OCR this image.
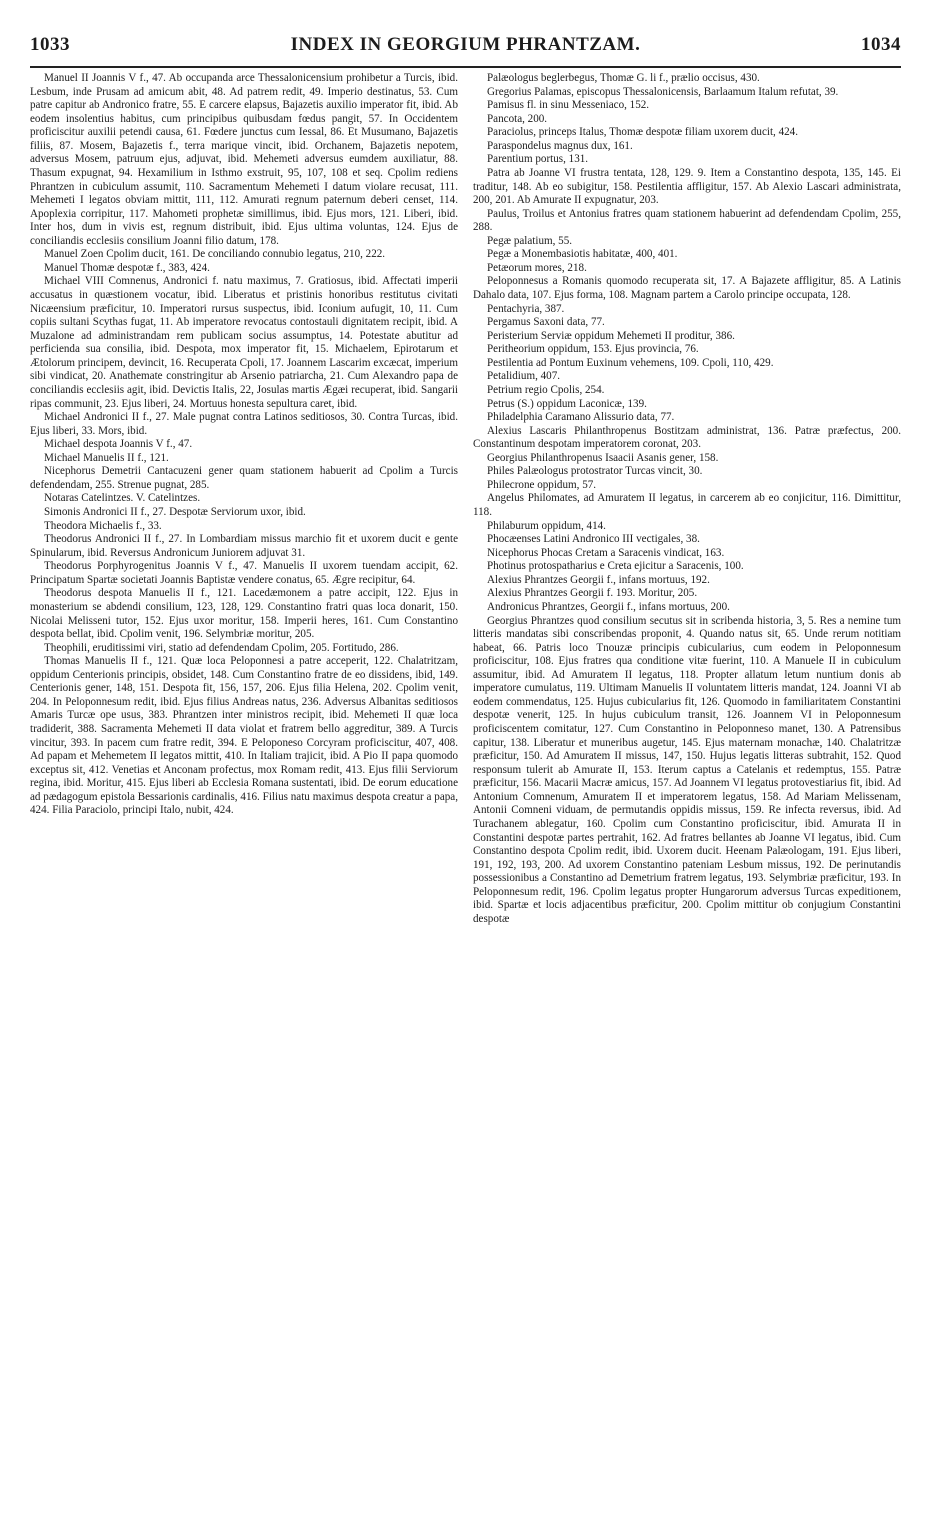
1033	INDEX IN GEORGIUM PHRANTZAM.	1034

Manuel II Joannis V f., 47. Ab occupanda arce Thessalonicensium prohibetur a Turcis, ibid. Lesbum, inde Prusam ad amicum abit, 48. Ad patrem redit, 49. Imperio destinatus, 53. Cum patre capitur ab Andronico fratre, 55. E carcere elapsus, Bajazetis auxilio imperator fit, ibid. Ab eodem insolentius habitus, cum principibus quibusdam fœdus pangit, 57. In Occidentem proficiscitur auxilii petendi causa, 61. Fœdere junctus cum Iessal, 86. Et Musumano, Bajazetis filiis, 87. Mosem, Bajazetis f., terra marique vincit, ibid. Orchanem, Bajazetis nepotem, adversus Mosem, patruum ejus, adjuvat, ibid. Mehemeti adversus eumdem auxiliatur, 88. Thasum expugnat, 94. Hexamilium in Isthmo exstruit, 95, 107, 108 et seq. Cpolim rediens Phrantzen in cubiculum assumit, 110. Sacramentum Mehemeti I datum violare recusat, 111. Mehemeti I legatos obviam mittit, 111, 112. Amurati regnum paternum deberi censet, 114. Apoplexia corripitur, 117. Mahometi prophetæ simillimus, ibid. Ejus mors, 121. Liberi, ibid. Inter hos, dum in vivis est, regnum distribuit, ibid. Ejus ultima voluntas, 124. Ejus de conciliandis ecclesiis consilium Joanni filio datum, 178.

Manuel Zoen Cpolim ducit, 161. De conciliando connubio legatus, 210, 222.

Manuel Thomæ despotæ f., 383, 424.

Michael VIII Comnenus, Andronici f. natu maximus, 7. Gratiosus, ibid. Affectati imperii accusatus in quæstionem vocatur, ibid. Liberatus et pristinis honoribus restitutus civitati Nicæensium præficitur, 10. Imperatori rursus suspectus, ibid. Iconium aufugit, 10, 11. Cum copiis sultani Scythas fugat, 11. Ab imperatore revocatus contostauli dignitatem recipit, ibid. A Muzalone ad administrandam rem publicam socius assumptus, 14. Potestate abutitur ad perficienda sua consilia, ibid. Despota, mox imperator fit, 15. Michaelem, Epirotarum et Ætolorum principem, devincit, 16. Recuperata Cpoli, 17. Joannem Lascarim excæcat, imperium sibi vindicat, 20. Anathemate constringitur ab Arsenio patriarcha, 21. Cum Alexandro papa de conciliandis ecclesiis agit, ibid. Devictis Italis, 22, Josulas martis Ægæi recuperat, ibid. Sangarii ripas communit, 23. Ejus liberi, 24. Mortuus honesta sepultura caret, ibid.

Michael Andronici II f., 27. Male pugnat contra Latinos seditiosos, 30. Contra Turcas, ibid. Ejus liberi, 33. Mors, ibid.

Michael despota Joannis V f., 47.

Michael Manuelis II f., 121.

Nicephorus Demetrii Cantacuzeni gener quam stationem habuerit ad Cpolim a Turcis defendendam, 255. Strenue pugnat, 285.

Notaras Catelintzes. V. Catelintzes.

Simonis Andronici II f., 27. Despotæ Serviorum uxor, ibid.

Theodora Michaelis f., 33.

Theodorus Andronici II f., 27. In Lombardiam missus marchio fit et uxorem ducit e gente Spinularum, ibid. Reversus Andronicum Juniorem adjuvat 31.

Theodorus Porphyrogenitus Joannis V f., 47. Manuelis II uxorem tuendam accipit, 62. Principatum Spartæ societati Joannis Baptistæ vendere conatus, 65. Ægre recipitur, 64.

Theodorus despota Manuelis II f., 121. Lacedæmonem a patre accipit, 122. Ejus in monasterium se abdendi consilium, 123, 128, 129. Constantino fratri quas loca donarit, 150. Nicolai Melisseni tutor, 152. Ejus uxor moritur, 158. Imperii heres, 161. Cum Constantino despota bellat, ibid. Cpolim venit, 196. Selymbriæ moritur, 205.

Theophili, eruditissimi viri, statio ad defendendam Cpolim, 205. Fortitudo, 286.

Thomas Manuelis II f., 121. Quæ loca Peloponnesi a patre acceperit, 122. Chalatritzam, oppidum Centerionis principis, obsidet, 148. Cum Constantino fratre de eo dissidens, ibid, 149. Centerionis gener, 148, 151. Despota fit, 156, 157, 206. Ejus filia Helena, 202. Cpolim venit, 204. In Peloponnesum redit, ibid. Ejus filius Andreas natus, 236. Adversus Albanitas seditiosos Amaris Turcæ ope usus, 383. Phrantzen inter ministros recipit, ibid. Mehemeti II quæ loca tradiderit, 388. Sacramenta Mehemeti II data violat et fratrem bello aggreditur, 389. A Turcis vincitur, 393. In pacem cum fratre redit, 394. E Peloponeso Corcyram proficiscitur, 407, 408. Ad papam et Mehemetem II legatos mittit, 410. In Italiam trajicit, ibid. A Pio II papa quomodo exceptus sit, 412. Venetias et Anconam profectus, mox Romam redit, 413. Ejus filii Serviorum regina, ibid. Moritur, 415. Ejus liberi ab Ecclesia Romana sustentati, ibid. De eorum educatione ad pædagogum epistola Bessarionis cardinalis, 416. Filius natu maximus despota creatur a papa, 424. Filia Paraciolo, principi Italo, nubit, 424.

Palæologus beglerbegus, Thomæ G. li f., prælio occisus, 430.

Gregorius Palamas, episcopus Thessalonicensis, Barlaamum Italum refutat, 39.

Pamisus fl. in sinu Messeniaco, 152.

Pancota, 200.

Paraciolus, princeps Italus, Thomæ despotæ filiam uxorem ducit, 424.

Paraspondelus magnus dux, 161.

Parentium portus, 131.

Patra ab Joanne VI frustra tentata, 128, 129. 9. Item a Constantino despota, 135, 145. Ei traditur, 148. Ab eo subigitur, 158. Pestilentia affligitur, 157. Ab Alexio Lascari administrata, 200, 201. Ab Amurate II expugnatur, 203.

Paulus, Troilus et Antonius fratres quam stationem habuerint ad defendendam Cpolim, 255, 288.

Pegæ palatium, 55.

Pegæ a Monembasiotis habitatæ, 400, 401.

Petæorum mores, 218.

Peloponnesus a Romanis quomodo recuperata sit, 17. A Bajazete affligitur, 85. A Latinis Dahalo data, 107. Ejus forma, 108. Magnam partem a Carolo principe occupata, 128.

Pentachyria, 387.

Pergamus Saxoni data, 77.

Peristerium Serviæ oppidum Mehemeti II proditur, 386.

Peritheorium oppidum, 153. Ejus provincia, 76.

Pestilentia ad Pontum Euxinum vehemens, 109. Cpoli, 110, 429.

Petalidium, 407.

Petrium regio Cpolis, 254.

Petrus (S.) oppidum Laconicæ, 139.

Philadelphia Caramano Alissurio data, 77.

Alexius Lascaris Philanthropenus Bostitzam administrat, 136. Patræ præfectus, 200. Constantinum despotam imperatorem coronat, 203.

Georgius Philanthropenus Isaacii Asanis gener, 158.

Philes Palæologus protostrator Turcas vincit, 30.

Philecrone oppidum, 57.

Angelus Philomates, ad Amuratem II legatus, in carcerem ab eo conjicitur, 116. Dimittitur, 118.

Philaburum oppidum, 414.

Phocæenses Latini Andronico III vectigales, 38.

Nicephorus Phocas Cretam a Saracenis vindicat, 163.

Photinus protospatharius e Creta ejicitur a Saracenis, 100.

Alexius Phrantzes Georgii f., infans mortuus, 192.

Alexius Phrantzes Georgii f. 193. Moritur, 205.

Andronicus Phrantzes, Georgii f., infans mortuus, 200.

Georgius Phrantzes quod consilium secutus sit in scribenda historia, 3, 5. Res a nemine tum litteris mandatas sibi conscribendas proponit, 4. Quando natus sit, 65. Unde rerum notitiam habeat, 66. Patris loco Tnouzæ principis cubicularius, cum eodem in Peloponnesum proficiscitur, 108. Ejus fratres qua conditione vitæ fuerint, 110. A Manuele II in cubiculum assumitur, ibid. Ad Amuratem II legatus, 118. Propter allatum letum nuntium donis ab imperatore cumulatus, 119. Ultimam Manuelis II voluntatem litteris mandat, 124. Joanni VI ab eodem commendatus, 125. Hujus cubicularius fit, 126. Quomodo in familiaritatem Constantini despotæ venerit, 125. In hujus cubiculum transit, 126. Joannem VI in Peloponnesum proficiscentem comitatur, 127. Cum Constantino in Peloponneso manet, 130. A Patrensibus capitur, 138. Liberatur et muneribus augetur, 145. Ejus maternam monachæ, 140. Chalatritzæ præficitur, 150. Ad Amuratem II missus, 147, 150. Hujus legatis litteras subtrahit, 152. Quod responsum tulerit ab Amurate II, 153. Iterum captus a Catelanis et redemptus, 155. Patræ præficitur, 156. Macarii Macræ amicus, 157. Ad Joannem VI legatus protovestiarius fit, ibid. Ad Antonium Comnenum, Amuratem II et imperatorem legatus, 158. Ad Mariam Melissenam, Antonii Comneni viduam, de permutandis oppidis missus, 159. Re infecta reversus, ibid. Ad Turachanem ablegatur, 160. Cpolim cum Constantino proficiscitur, ibid. Amurata II in Constantini despotæ partes pertrahit, 162. Ad fratres bellantes ab Joanne VI legatus, ibid. Cum Constantino despota Cpolim redit, ibid. Uxorem ducit. Heenam Palæologam, 191. Ejus liberi, 191, 192, 193, 200. Ad uxorem Constantino pateniam Lesbum missus, 192. De perinutandis possessionibus a Constantino ad Demetrium fratrem legatus, 193. Selymbriæ præficitur, 193. In Peloponnesum redit, 196. Cpolim legatus propter Hungarorum adversus Turcas expeditionem, ibid. Spartæ et locis adjacentibus præficitur, 200. Cpolim mittitur ob conjugium Constantini despotæ
